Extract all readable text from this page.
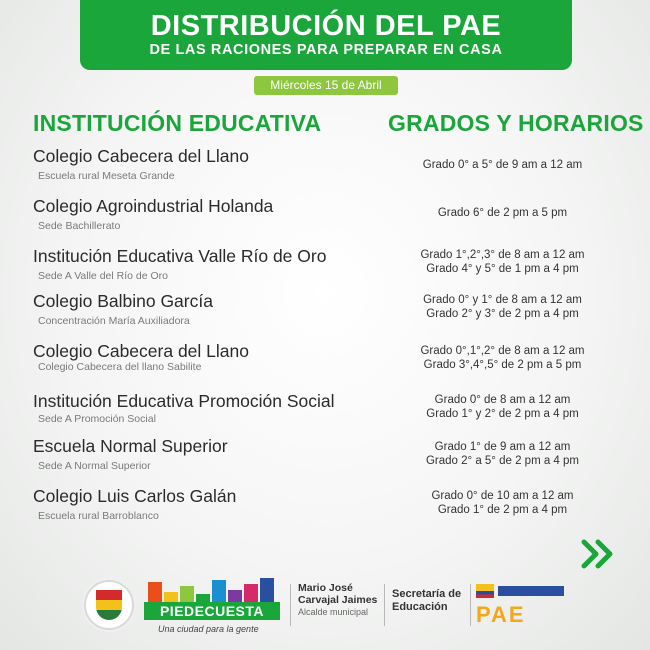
DISTRIBUCIÓN DEL PAE
DE LAS RACIONES PARA PREPARAR EN CASA
Miércoles 15 de Abril
INSTITUCIÓN EDUCATIVA	GRADOS Y HORARIOS
Colegio Cabecera del Llano
Escuela rural Meseta Grande
Grado 0° a 5° de 9 am a 12 am
Colegio Agroindustrial Holanda
Sede Bachillerato
Grado 6° de 2 pm a 5 pm
Institución Educativa Valle Río de Oro
Sede A Valle del Río de Oro
Grado 1°,2°,3° de 8 am a 12 am
Grado 4° y 5° de 1 pm a 4 pm
Colegio Balbino García
Concentración María Auxiliadora
Grado 0° y 1° de 8 am a 12 am
Grado 2° y 3° de 2 pm a 4 pm
Colegio Cabecera del Llano
Colegio Cabecera del llano Sabilite
Grado 0°,1°,2° de 8 am a 12 am
Grado 3°,4°,5° de 2 pm a 5 pm
Institución Educativa Promoción Social
Sede A Promoción Social
Grado 0° de 8 am a 12 am
Grado 1° y 2° de 2 pm a 4 pm
Escuela Normal Superior
Sede A Normal Superior
Grado 1° de 9 am a 12 am
Grado 2° a 5° de 2 pm a 4 pm
Colegio Luis Carlos Galán
Escuela rural Barroblanco
Grado 0° de 10 am a 12 am
Grado 1° de 2 pm a 4 pm
PIEDECUESTA
Una ciudad para la gente
Mario José Carvajal Jaimes
Alcalde municipal
Secretaría de Educación	PAE
